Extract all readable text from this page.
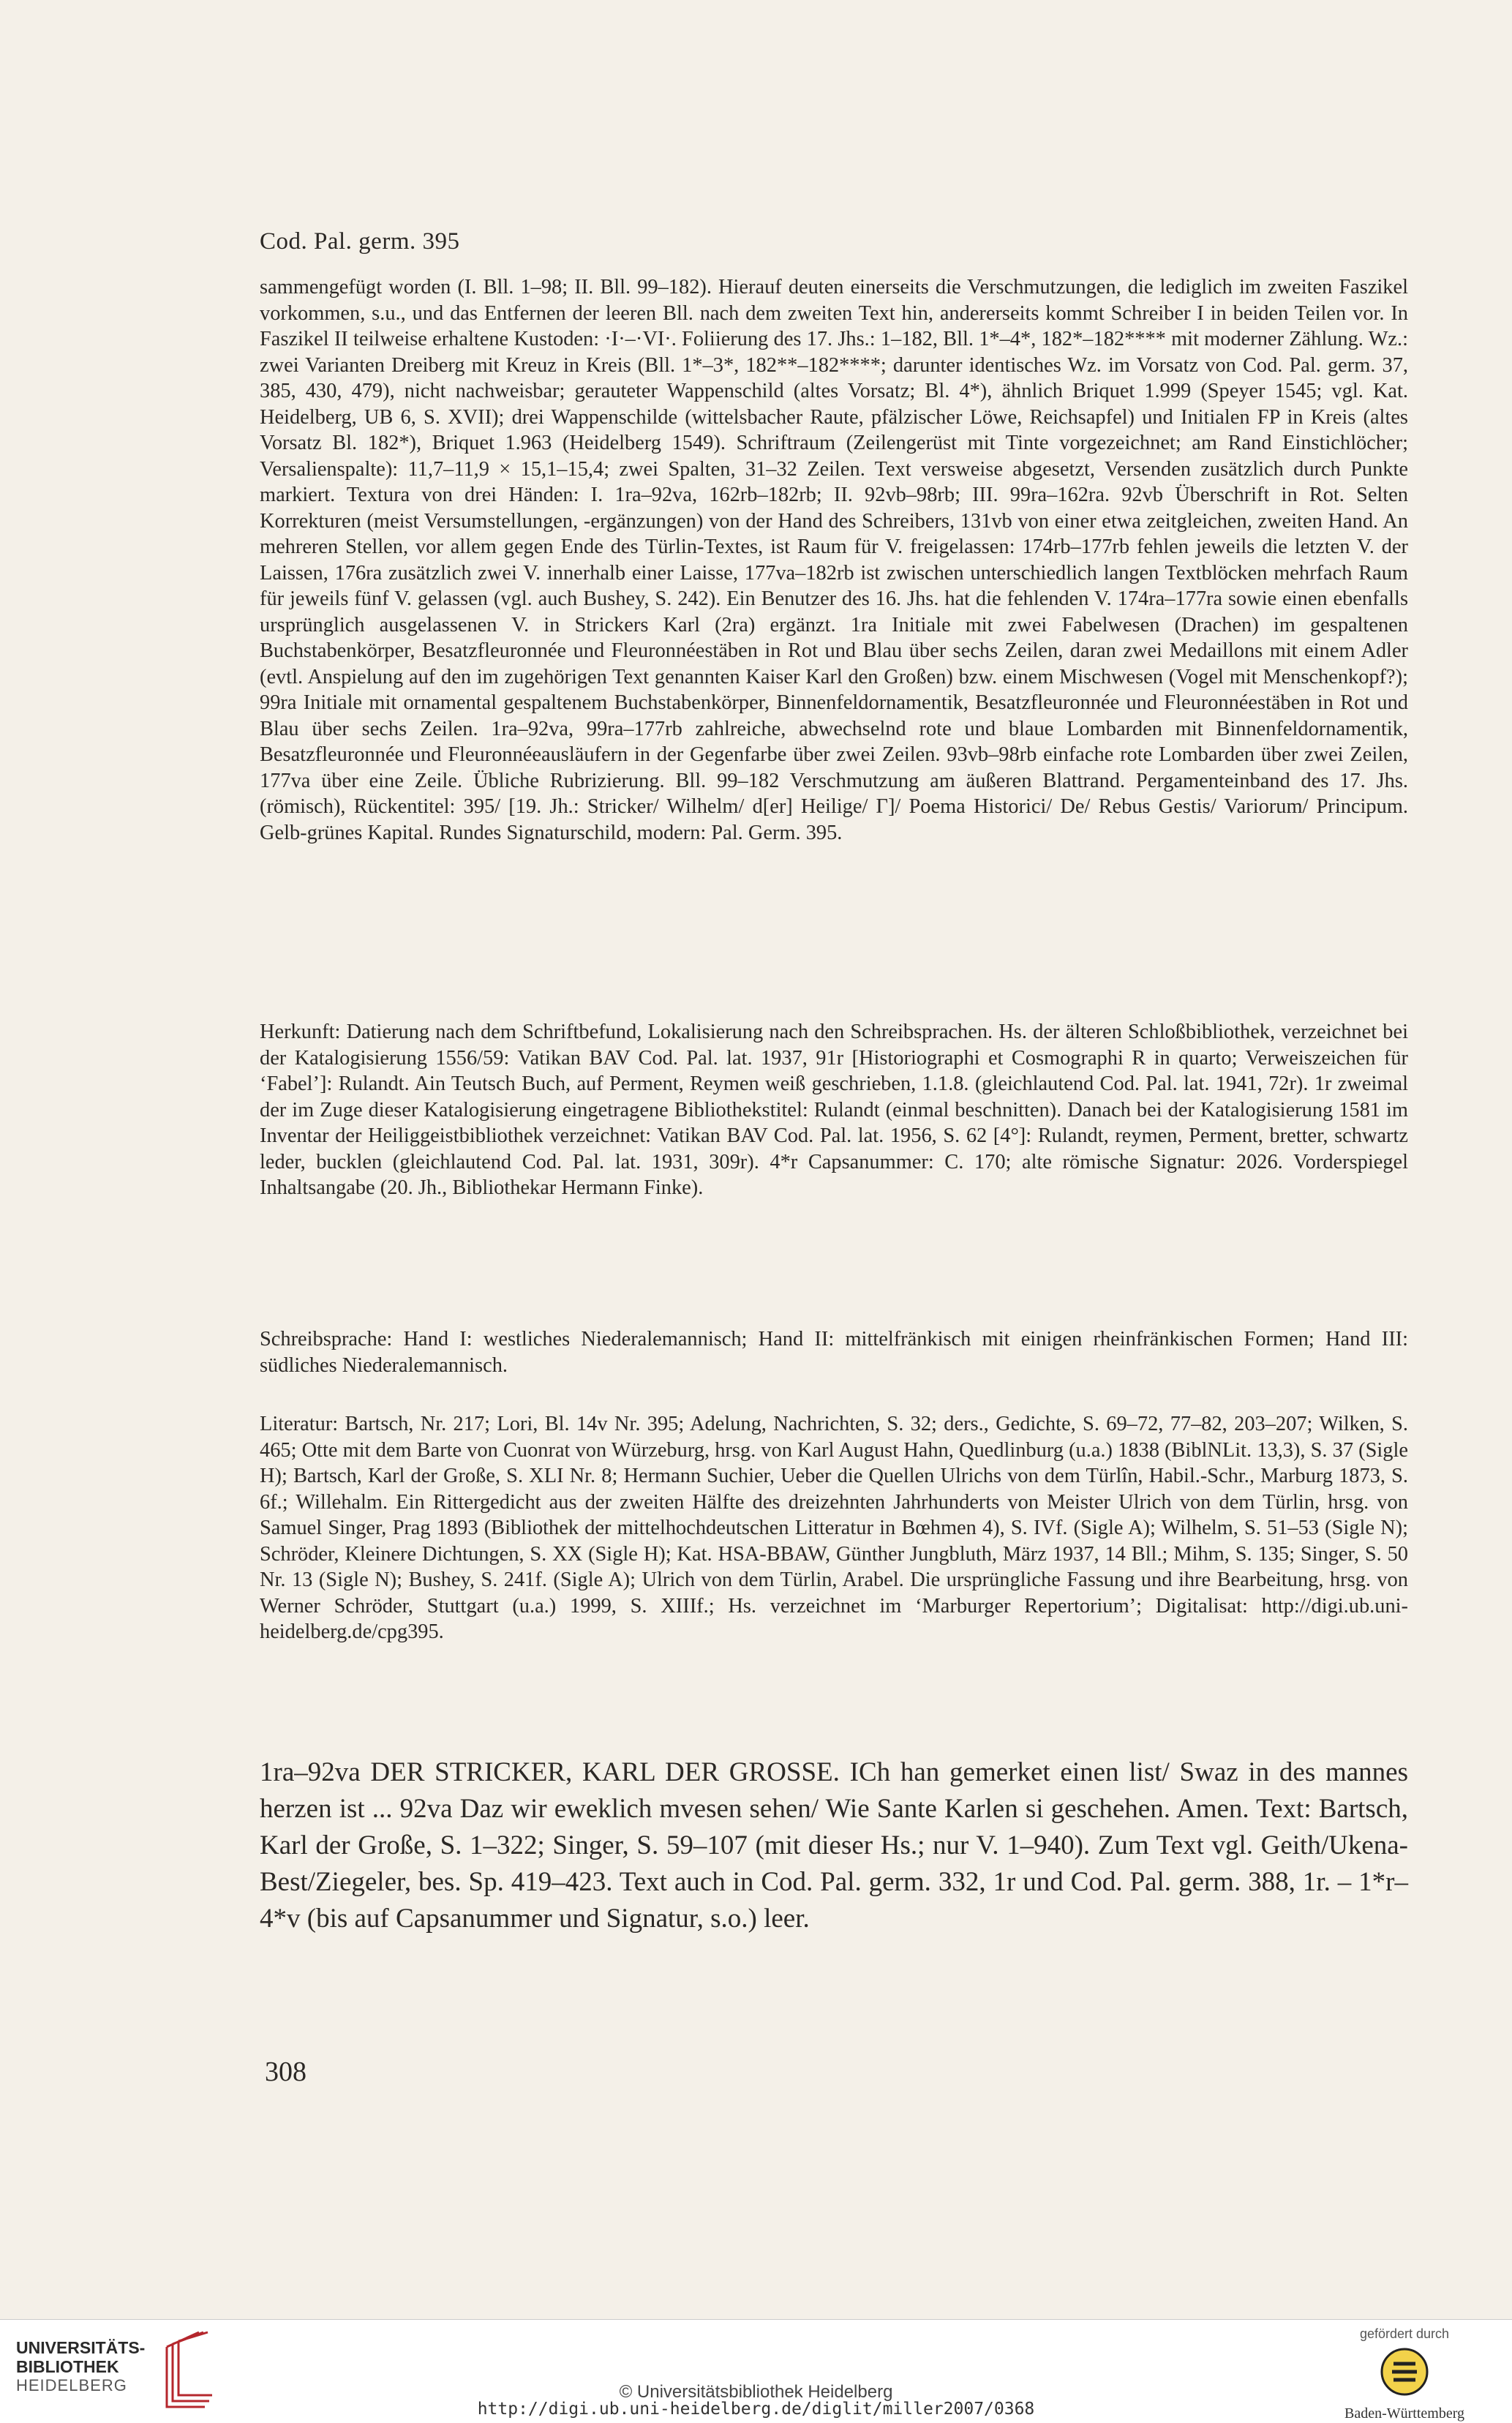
Cod. Pal. germ. 395

sammengefügt worden (I. Bll. 1–98; II. Bll. 99–182). Hierauf deuten einerseits die Verschmutzungen, die lediglich im zweiten Faszikel vorkommen, s.u., und das Entfernen der leeren Bll. nach dem zweiten Text hin, andererseits kommt Schreiber I in beiden Teilen vor. In Faszikel II teilweise erhaltene Kustoden: ·I·–·VI·. Foliierung des 17. Jhs.: 1–182, Bll. 1*–4*, 182*–182**** mit moderner Zählung. Wz.: zwei Varianten Dreiberg mit Kreuz in Kreis (Bll. 1*–3*, 182**–182****; darunter identisches Wz. im Vorsatz von Cod. Pal. germ. 37, 385, 430, 479), nicht nachweisbar; gerauteter Wappenschild (altes Vorsatz; Bl. 4*), ähnlich Briquet 1.999 (Speyer 1545; vgl. Kat. Heidelberg, UB 6, S. XVII); drei Wappenschilde (wittelsbacher Raute, pfälzischer Löwe, Reichsapfel) und Initialen FP in Kreis (altes Vorsatz Bl. 182*), Briquet 1.963 (Heidelberg 1549). Schriftraum (Zeilengerüst mit Tinte vorgezeichnet; am Rand Einstichlöcher; Versalienspalte): 11,7–11,9 × 15,1–15,4; zwei Spalten, 31–32 Zeilen. Text versweise abgesetzt, Versenden zusätzlich durch Punkte markiert. Textura von drei Händen: I. 1ra–92va, 162rb–182rb; II. 92vb–98rb; III. 99ra–162ra. 92vb Überschrift in Rot. Selten Korrekturen (meist Versumstellungen, -ergänzungen) von der Hand des Schreibers, 131vb von einer etwa zeitgleichen, zweiten Hand. An mehreren Stellen, vor allem gegen Ende des Türlin-Textes, ist Raum für V. freigelassen: 174rb–177rb fehlen jeweils die letzten V. der Laissen, 176ra zusätzlich zwei V. innerhalb einer Laisse, 177va–182rb ist zwischen unterschiedlich langen Textblöcken mehrfach Raum für jeweils fünf V. gelassen (vgl. auch Bushey, S. 242). Ein Benutzer des 16. Jhs. hat die fehlenden V. 174ra–177ra sowie einen ebenfalls ursprünglich ausgelassenen V. in Strickers Karl (2ra) ergänzt. 1ra Initiale mit zwei Fabelwesen (Drachen) im gespaltenen Buchstabenkörper, Besatzfleuronnée und Fleuronnéestäben in Rot und Blau über sechs Zeilen, daran zwei Medaillons mit einem Adler (evtl. Anspielung auf den im zugehörigen Text genannten Kaiser Karl den Großen) bzw. einem Mischwesen (Vogel mit Menschenkopf?); 99ra Initiale mit ornamental gespaltenem Buchstabenkörper, Binnenfeldornamentik, Besatzfleuronnée und Fleuronnéestäben in Rot und Blau über sechs Zeilen. 1ra–92va, 99ra–177rb zahlreiche, abwechselnd rote und blaue Lombarden mit Binnenfeldornamentik, Besatzfleuronnée und Fleuronnéeausläufern in der Gegenfarbe über zwei Zeilen. 93vb–98rb einfache rote Lombarden über zwei Zeilen, 177va über eine Zeile. Übliche Rubrizierung. Bll. 99–182 Verschmutzung am äußeren Blattrand. Pergamenteinband des 17. Jhs. (römisch), Rückentitel: 395/ [19. Jh.: Stricker/ Wilhelm/ d[er] Heilige/ Γ]/ Poema Historici/ De/ Rebus Gestis/ Variorum/ Principum. Gelb-grünes Kapital. Rundes Signaturschild, modern: Pal. Germ. 395.

Herkunft: Datierung nach dem Schriftbefund, Lokalisierung nach den Schreibsprachen. Hs. der älteren Schloßbibliothek, verzeichnet bei der Katalogisierung 1556/59: Vatikan BAV Cod. Pal. lat. 1937, 91r [Historiographi et Cosmographi R in quarto; Verweiszeichen für ‘Fabel’]: Rulandt. Ain Teutsch Buch, auf Perment, Reymen weiß geschrieben, 1.1.8. (gleichlautend Cod. Pal. lat. 1941, 72r). 1r zweimal der im Zuge dieser Katalogisierung eingetragene Bibliothekstitel: Rulandt (einmal beschnitten). Danach bei der Katalogisierung 1581 im Inventar der Heiliggeistbibliothek verzeichnet: Vatikan BAV Cod. Pal. lat. 1956, S. 62 [4°]: Rulandt, reymen, Perment, bretter, schwartz leder, bucklen (gleichlautend Cod. Pal. lat. 1931, 309r). 4*r Capsanummer: C. 170; alte römische Signatur: 2026. Vorderspiegel Inhaltsangabe (20. Jh., Bibliothekar Hermann Finke).

Schreibsprache: Hand I: westliches Niederalemannisch; Hand II: mittelfränkisch mit einigen rheinfränkischen Formen; Hand III: südliches Niederalemannisch.

Literatur: Bartsch, Nr. 217; Lori, Bl. 14v Nr. 395; Adelung, Nachrichten, S. 32; ders., Gedichte, S. 69–72, 77–82, 203–207; Wilken, S. 465; Otte mit dem Barte von Cuonrat von Würzeburg, hrsg. von Karl August Hahn, Quedlinburg (u.a.) 1838 (BiblNLit. 13,3), S. 37 (Sigle H); Bartsch, Karl der Große, S. XLI Nr. 8; Hermann Suchier, Ueber die Quellen Ulrichs von dem Türlîn, Habil.-Schr., Marburg 1873, S. 6f.; Willehalm. Ein Rittergedicht aus der zweiten Hälfte des dreizehnten Jahrhunderts von Meister Ulrich von dem Türlin, hrsg. von Samuel Singer, Prag 1893 (Bibliothek der mittelhochdeutschen Litteratur in Bœhmen 4), S. IVf. (Sigle A); Wilhelm, S. 51–53 (Sigle N); Schröder, Kleinere Dichtungen, S. XX (Sigle H); Kat. HSA-BBAW, Günther Jungbluth, März 1937, 14 Bll.; Mihm, S. 135; Singer, S. 50 Nr. 13 (Sigle N); Bushey, S. 241f. (Sigle A); Ulrich von dem Türlin, Arabel. Die ursprüngliche Fassung und ihre Bearbeitung, hrsg. von Werner Schröder, Stuttgart (u.a.) 1999, S. XIIIf.; Hs. verzeichnet im ‘Marburger Repertorium’; Digitalisat: http://digi.ub.uni-heidelberg.de/cpg395.

1ra–92va DER STRICKER, KARL DER GROSSE. ICh han gemerket einen list/ Swaz in des mannes herzen ist ... 92va Daz wir eweklich mvesen sehen/ Wie Sante Karlen si geschehen. Amen. Text: Bartsch, Karl der Große, S. 1–322; Singer, S. 59–107 (mit dieser Hs.; nur V. 1–940). Zum Text vgl. Geith/Ukena-Best/Ziegeler, bes. Sp. 419–423. Text auch in Cod. Pal. germ. 332, 1r und Cod. Pal. germ. 388, 1r. – 1*r–4*v (bis auf Capsanummer und Signatur, s.o.) leer.

308
UNIVERSITÄTS-
BIBLIOTHEK
HEIDELBERG	© Universitätsbibliothek Heidelberg
http://digi.ub.uni-heidelberg.de/diglit/miller2007/0368
gefördert durch
Baden-Württemberg
